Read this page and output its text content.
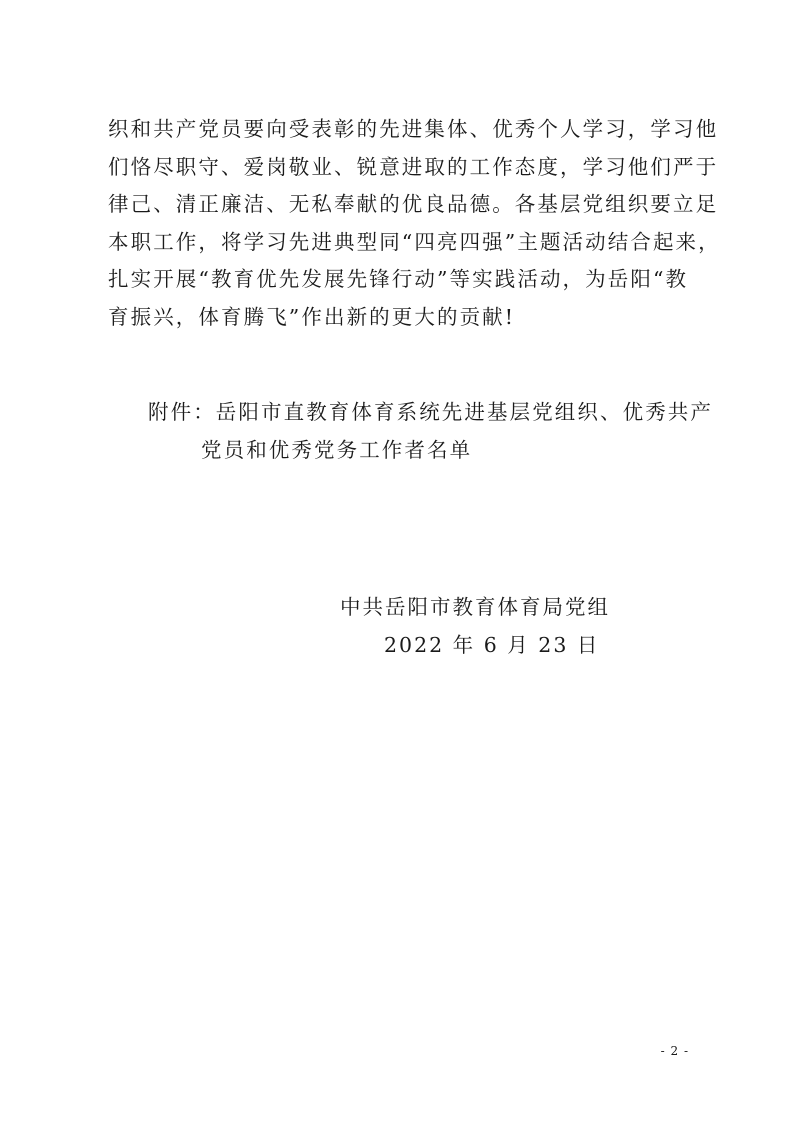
织和共产党员要向受表彰的先进集体、优秀个人学习，学习他
们恪尽职守、爱岗敬业、锐意进取的工作态度，学习他们严于
律己、清正廉洁、无私奉献的优良品德。各基层党组织要立足
本职工作，将学习先进典型同“四亮四强”主题活动结合起来，
扎实开展“教育优先发展先锋行动”等实践活动，为岳阳“教
育振兴，体育腾飞”作出新的更大的贡献!
附件：岳阳市直教育体育系统先进基层党组织、优秀共产
党员和优秀党务工作者名单
中共岳阳市教育体育局党组
2022 年 6 月 23 日
- 2 -
